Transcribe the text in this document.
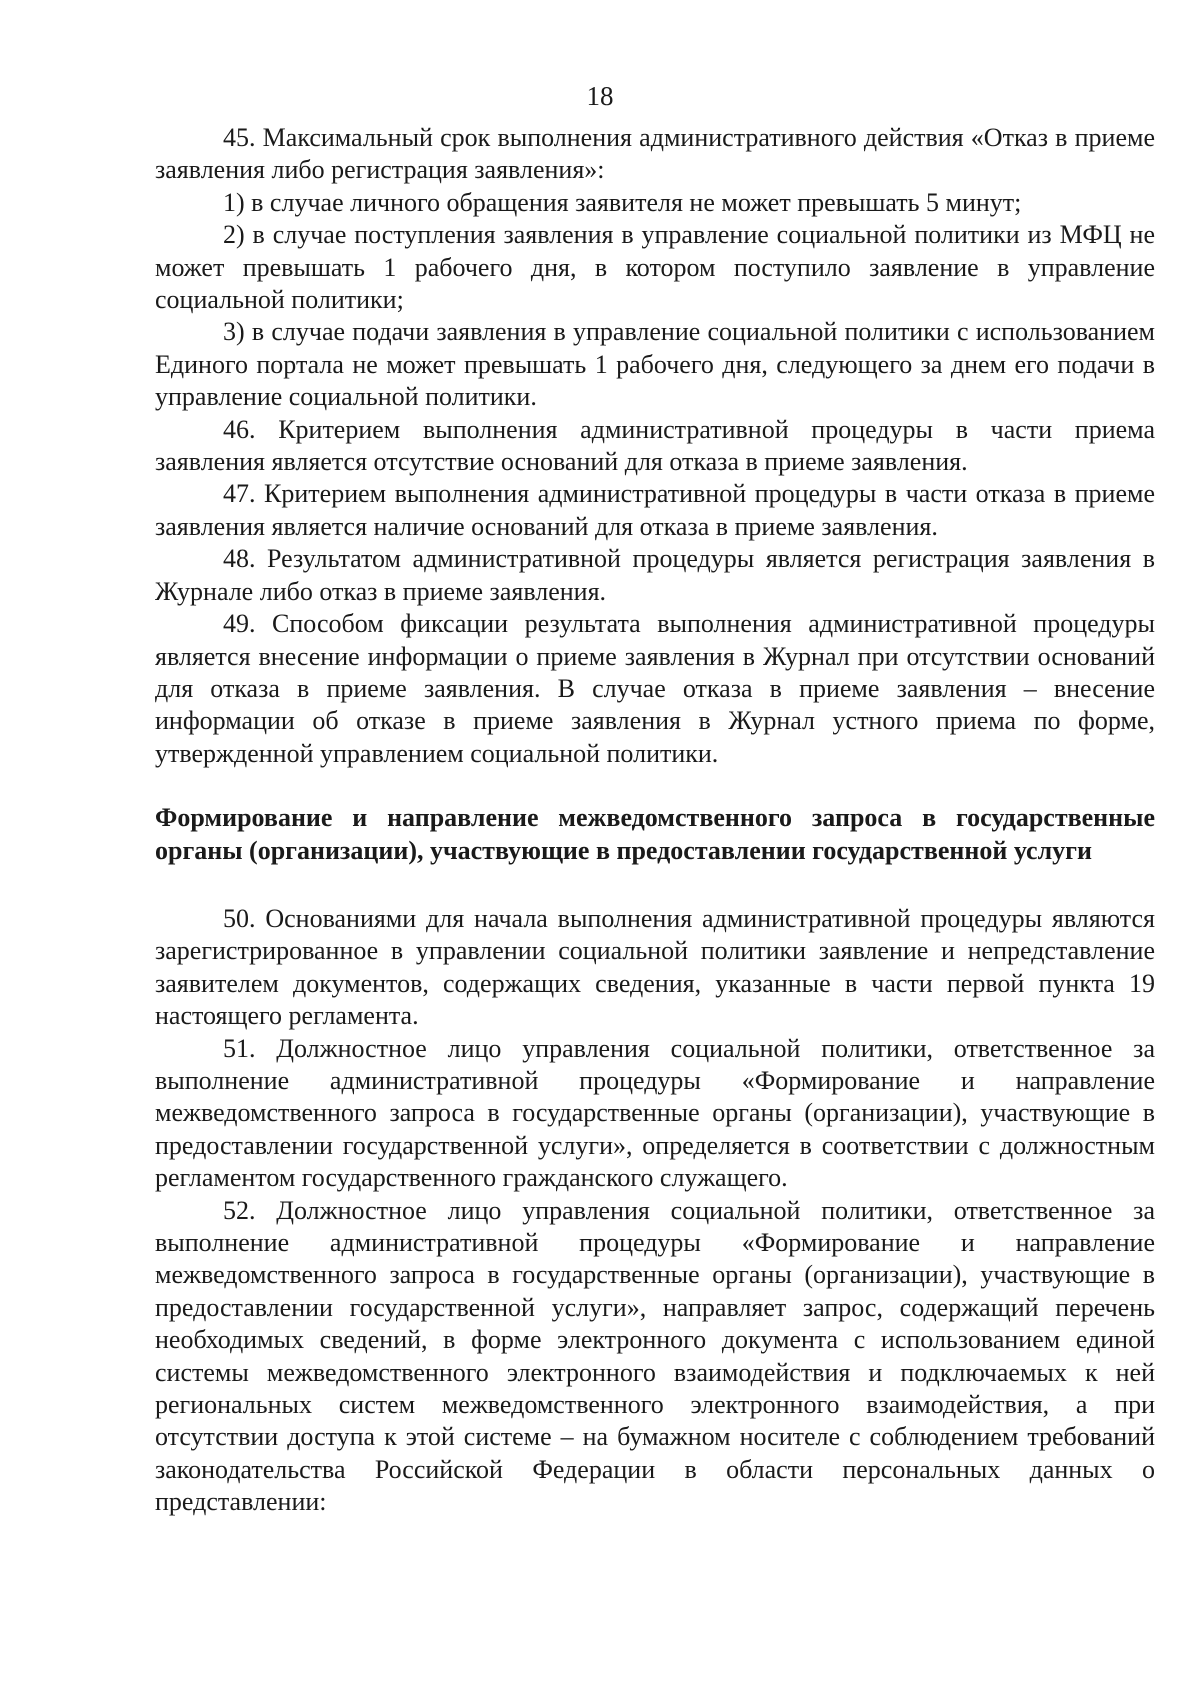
18

45. Максимальный срок выполнения административного действия «Отказ в приеме заявления либо регистрация заявления»:

1) в случае личного обращения заявителя не может превышать 5 минут;

2) в случае поступления заявления в управление социальной политики из МФЦ не может превышать 1 рабочего дня, в котором поступило заявление в управление социальной политики;

3) в случае подачи заявления в управление социальной политики с использованием Единого портала не может превышать 1 рабочего дня, следующего за днем его подачи в управление социальной политики.

46. Критерием выполнения административной процедуры в части приема заявления является отсутствие оснований для отказа в приеме заявления.

47. Критерием выполнения административной процедуры в части отказа в приеме заявления является наличие оснований для отказа в приеме заявления.

48. Результатом административной процедуры является регистрация заявления в Журнале либо отказ в приеме заявления.

49. Способом фиксации результата выполнения административной процедуры является внесение информации о приеме заявления в Журнал при отсутствии оснований для отказа в приеме заявления. В случае отказа в приеме заявления – внесение информации об отказе в приеме заявления в Журнал устного приема по форме, утвержденной управлением социальной политики.

Формирование и направление межведомственного запроса в государственные органы (организации), участвующие в предоставлении государственной услуги

50. Основаниями для начала выполнения административной процедуры являются зарегистрированное в управлении социальной политики заявление и непредставление заявителем документов, содержащих сведения, указанные в части первой пункта 19 настоящего регламента.

51. Должностное лицо управления социальной политики, ответственное за выполнение административной процедуры «Формирование и направление межведомственного запроса в государственные органы (организации), участвующие в предоставлении государственной услуги», определяется в соответствии с должностным регламентом государственного гражданского служащего.

52. Должностное лицо управления социальной политики, ответственное за выполнение административной процедуры «Формирование и направление межведомственного запроса в государственные органы (организации), участвующие в предоставлении государственной услуги», направляет запрос, содержащий перечень необходимых сведений, в форме электронного документа с использованием единой системы межведомственного электронного взаимодействия и подключаемых к ней региональных систем межведомственного электронного взаимодействия, а при отсутствии доступа к этой системе – на бумажном носителе с соблюдением требований законодательства Российской Федерации в области персональных данных о представлении:
